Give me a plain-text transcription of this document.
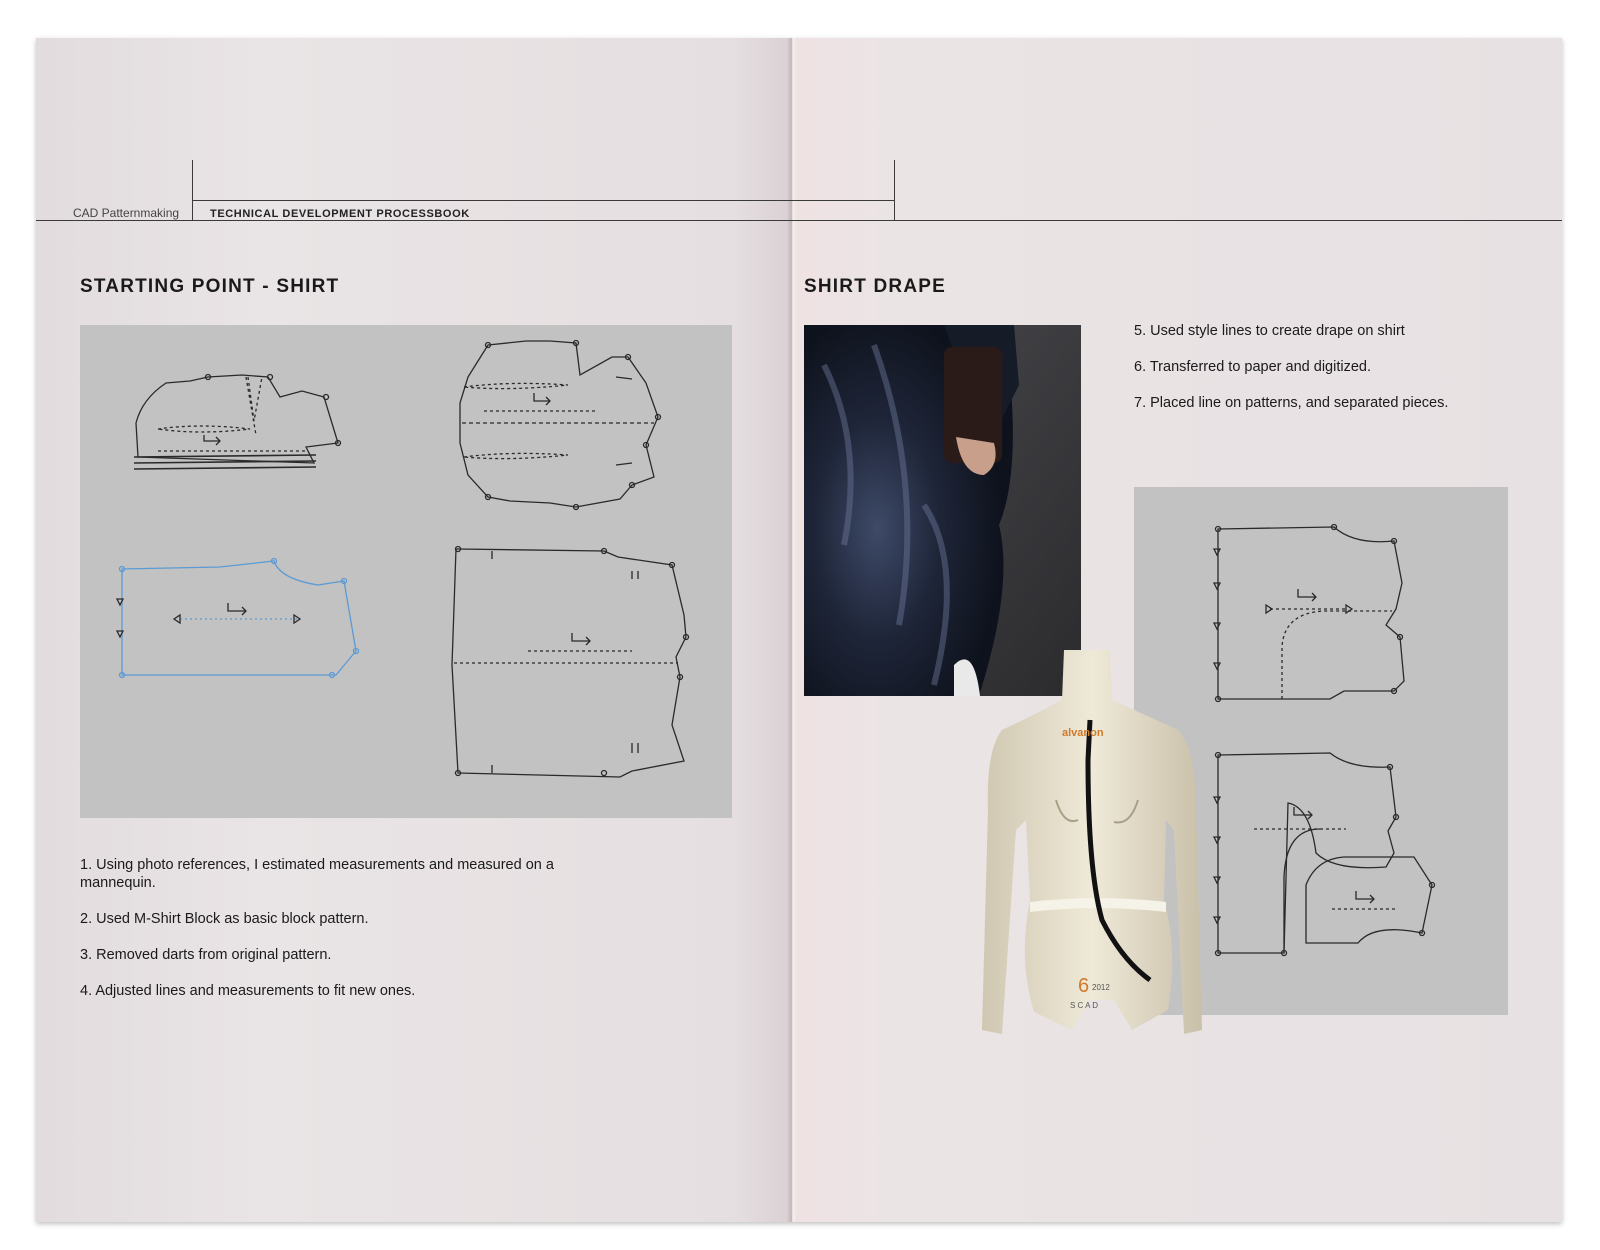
CAD Patternmaking	TECHNICAL DEVELOPMENT PROCESSBOOK
STARTING POINT - SHIRT

1. Using photo references, I estimated measurements and measured on a mannequin.

2. Used M-Shirt Block as basic block pattern.

3. Removed darts from original pattern.

4. Adjusted lines and measurements to fit new ones.

SHIRT DRAPE

5. Used style lines to create drape on shirt

6. Transferred to paper and digitized.

7. Placed line on patterns, and separated pieces.

alvanon
6 2012
S C A D
